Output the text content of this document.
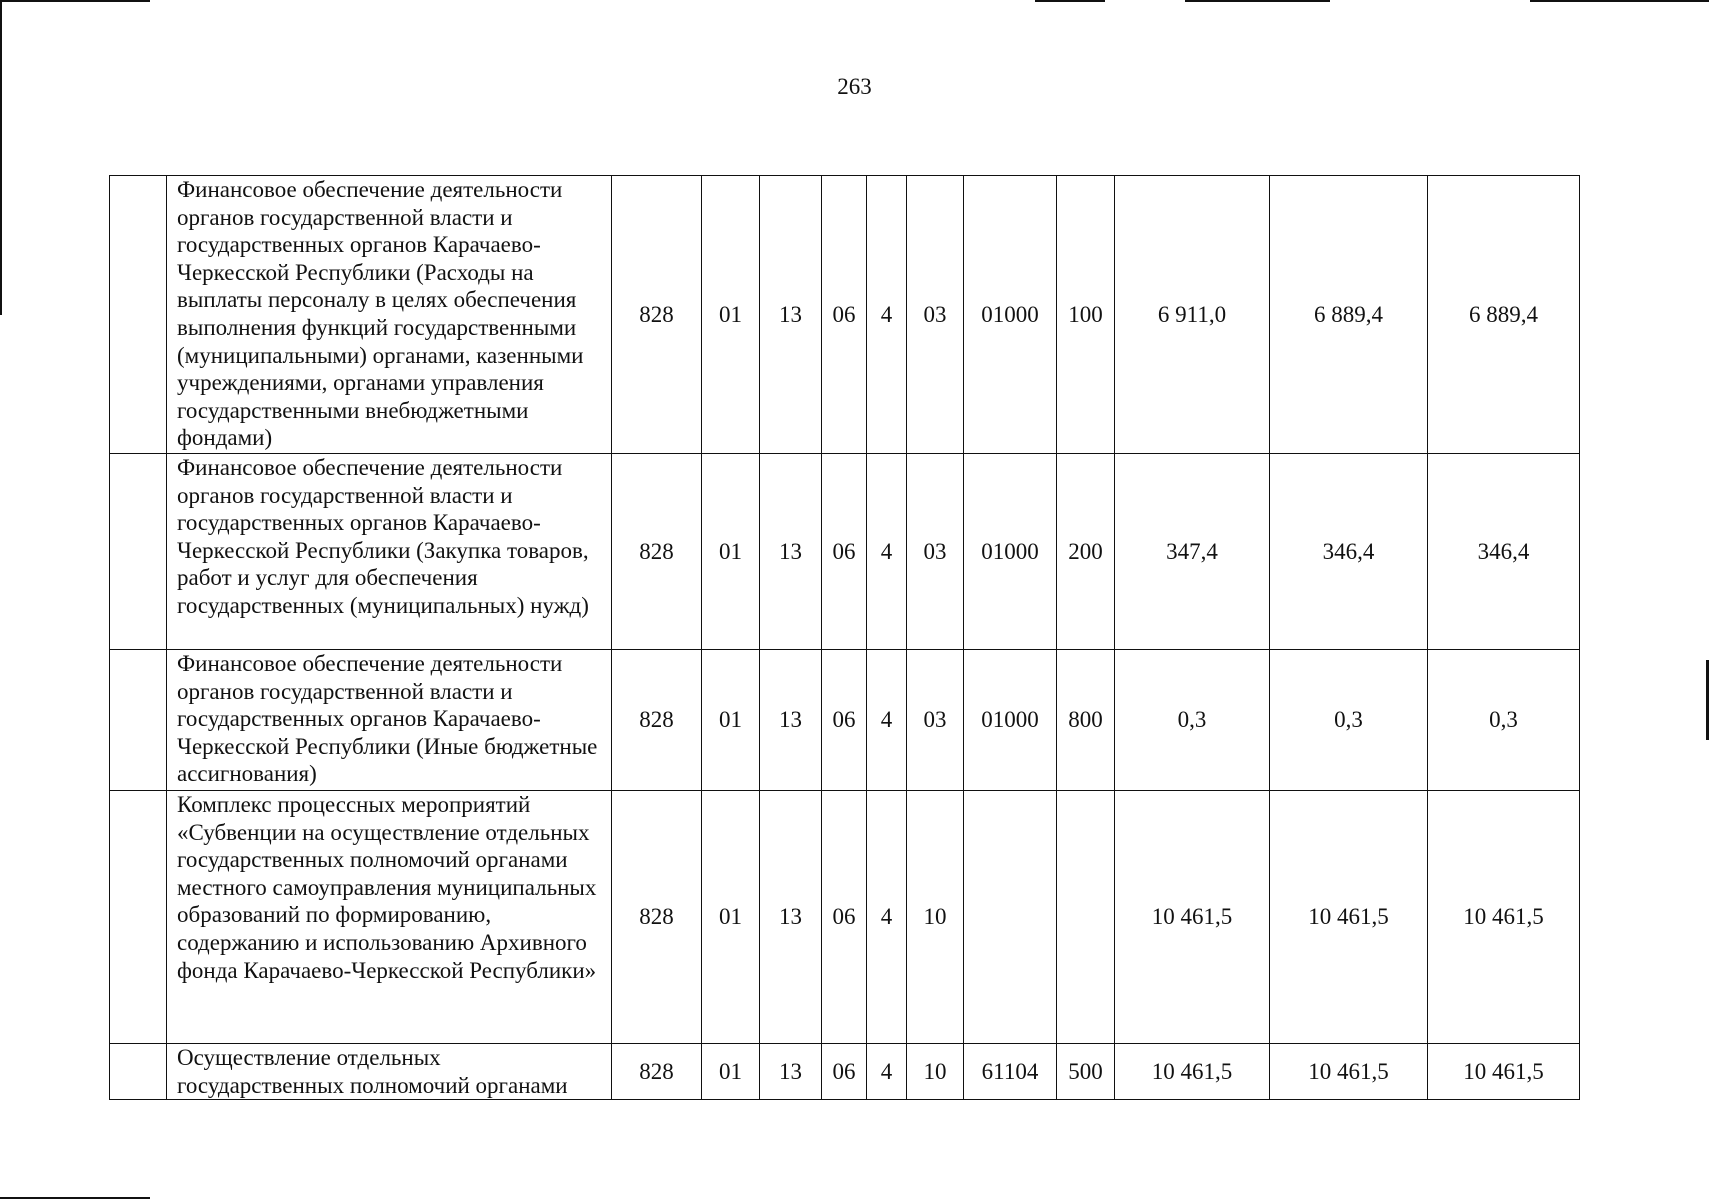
263
	Финансовое обеспечение деятельности органов государственной власти и государственных органов Карачаево-Черкесской Республики (Расходы на выплаты персоналу в целях обеспечения выполнения функций государственными (муниципальными) органами, казенными учреждениями, органами управления государственными внебюджетными фондами)	828	01	13	06	4	03	01000	100	6 911,0	6 889,4	6 889,4
	Финансовое обеспечение деятельности органов государственной власти и государственных органов Карачаево-Черкесской Республики (Закупка товаров, работ и услуг для обеспечения государственных (муниципальных) нужд)	828	01	13	06	4	03	01000	200	347,4	346,4	346,4
	Финансовое обеспечение деятельности органов государственной власти и государственных органов Карачаево-Черкесской Республики (Иные бюджетные ассигнования)	828	01	13	06	4	03	01000	800	0,3	0,3	0,3
	Комплекс процессных мероприятий «Субвенции на осуществление отдельных государственных полномочий органами местного самоуправления муниципальных образований по формированию, содержанию и использованию Архивного фонда Карачаево-Черкесской Республики»	828	01	13	06	4	10			10 461,5	10 461,5	10 461,5
	Осуществление отдельных государственных полномочий органами	828	01	13	06	4	10	61104	500	10 461,5	10 461,5	10 461,5
